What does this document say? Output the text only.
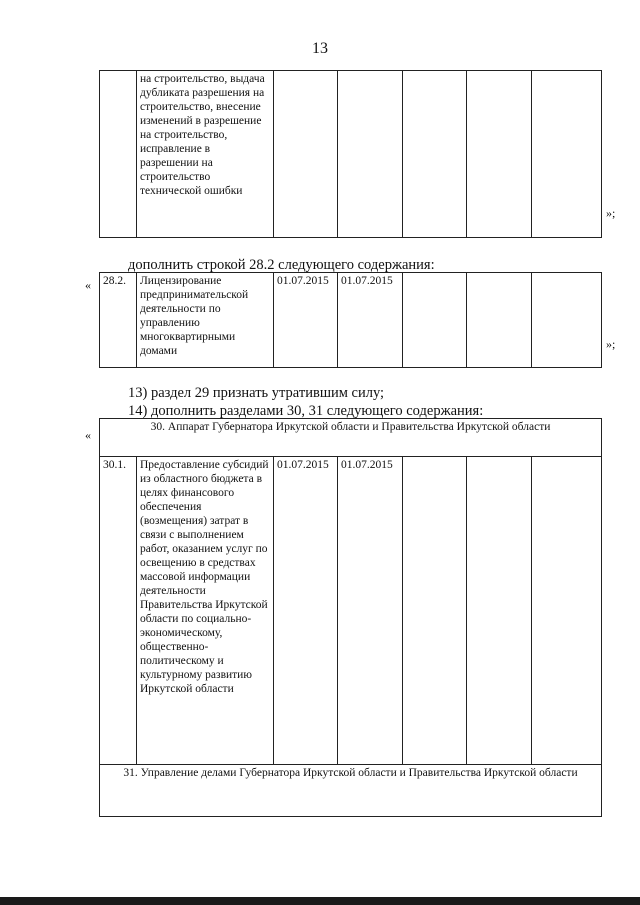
13
	на строительство, выдача дубликата разрешения на строительство, внесение изменений в разрешение на строительство, исправление в разрешении на строительство технической ошибки					
»;
дополнить строкой 28.2 следующего содержания:
« 28.2.	Лицензирование предпринимательской деятельности по управлению многоквартирными домами	01.07.2015	01.07.2015			
»;
13) раздел 29 признать утратившим силу;
14) дополнить разделами 30, 31 следующего содержания:
«
30. Аппарат Губернатора Иркутской области и Правительства Иркутской области
30.1.	Предоставление субсидий из областного бюджета в целях финансового обеспечения (возмещения) затрат в связи с выполнением работ, оказанием услуг по освещению в средствах массовой информации деятельности Правительства Иркутской области по социально-экономическому, общественно-политическому и культурному развитию Иркутской области	01.07.2015	01.07.2015			
31. Управление делами Губернатора Иркутской области и Правительства Иркутской области
